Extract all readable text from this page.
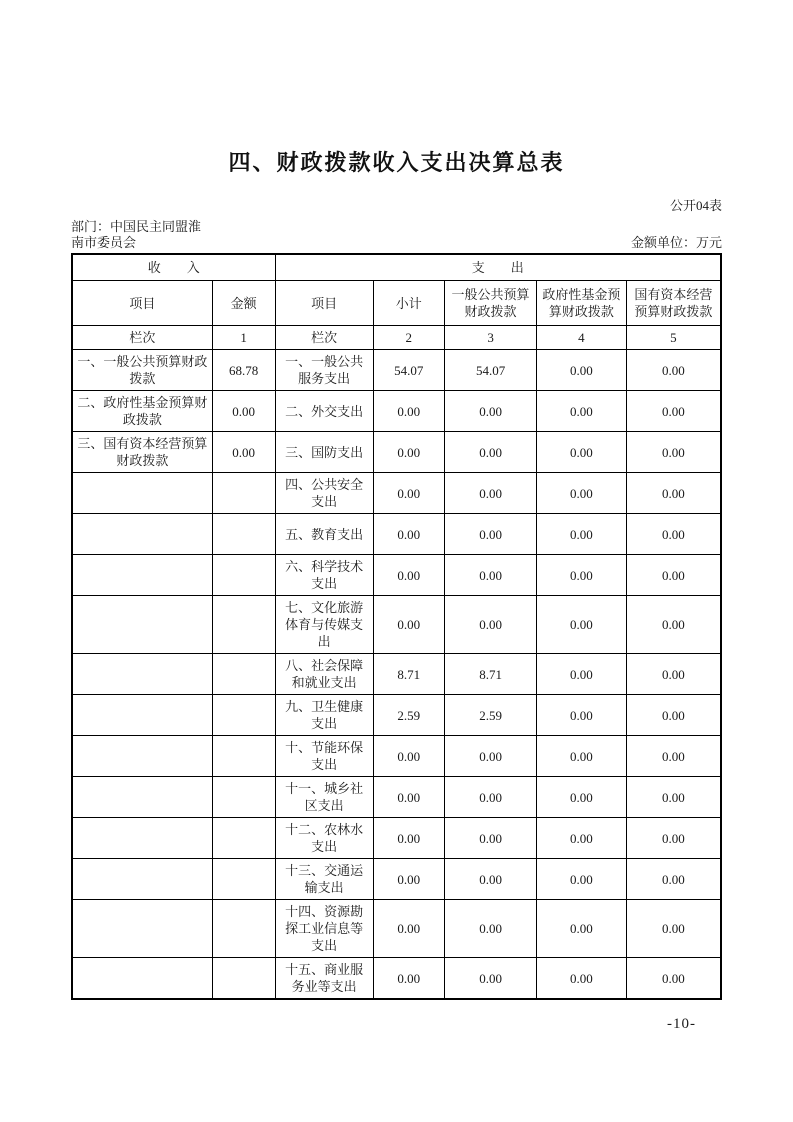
四、财政拨款收入支出决算总表
公开04表
部门：中国民主同盟淮南市委员会	金额单位：万元
收　　入		支　　出				
项目	金额	项目	小计	一般公共预算财政拨款	政府性基金预算财政拨款	国有资本经营预算财政拨款
栏次	1	栏次	2	3	4	5
一、一般公共预算财政拨款	68.78	一、一般公共服务支出	54.07	54.07	0.00	0.00
二、政府性基金预算财政拨款	0.00	二、外交支出	0.00	0.00	0.00	0.00
三、国有资本经营预算财政拨款	0.00	三、国防支出	0.00	0.00	0.00	0.00
		四、公共安全支出	0.00	0.00	0.00	0.00
		五、教育支出	0.00	0.00	0.00	0.00
		六、科学技术支出	0.00	0.00	0.00	0.00
		七、文化旅游体育与传媒支出	0.00	0.00	0.00	0.00
		八、社会保障和就业支出	8.71	8.71	0.00	0.00
		九、卫生健康支出	2.59	2.59	0.00	0.00
		十、节能环保支出	0.00	0.00	0.00	0.00
		十一、城乡社区支出	0.00	0.00	0.00	0.00
		十二、农林水支出	0.00	0.00	0.00	0.00
		十三、交通运输支出	0.00	0.00	0.00	0.00
		十四、资源勘探工业信息等支出	0.00	0.00	0.00	0.00
		十五、商业服务业等支出	0.00	0.00	0.00	0.00
-10-
